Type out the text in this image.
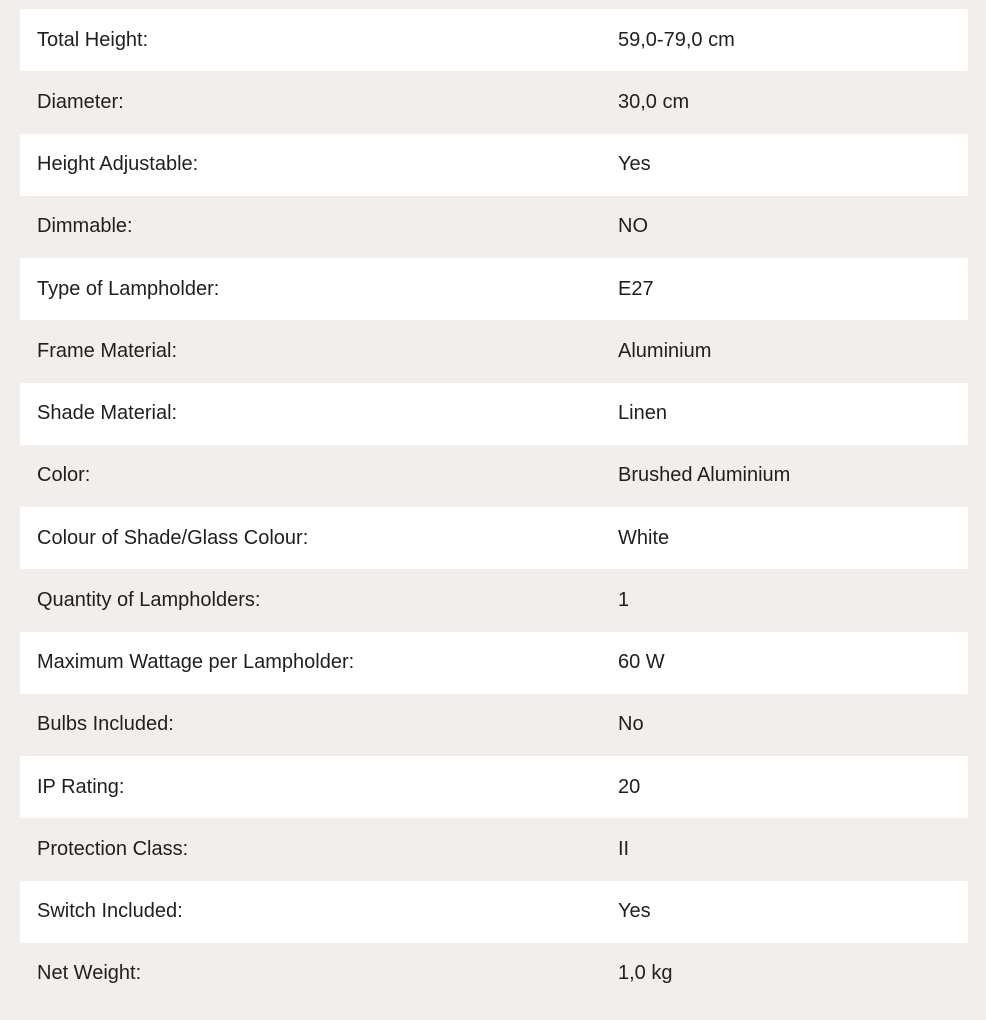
Total Height:	59,0-79,0 cm
Diameter:	30,0 cm
Height Adjustable:	Yes
Dimmable:	NO
Type of Lampholder:	E27
Frame Material:	Aluminium
Shade Material:	Linen
Color:	Brushed Aluminium
Colour of Shade/Glass Colour:	White
Quantity of Lampholders:	1
Maximum Wattage per Lampholder:	60 W
Bulbs Included:	No
IP Rating:	20
Protection Class:	II
Switch Included:	Yes
Net Weight:	1,0 kg
